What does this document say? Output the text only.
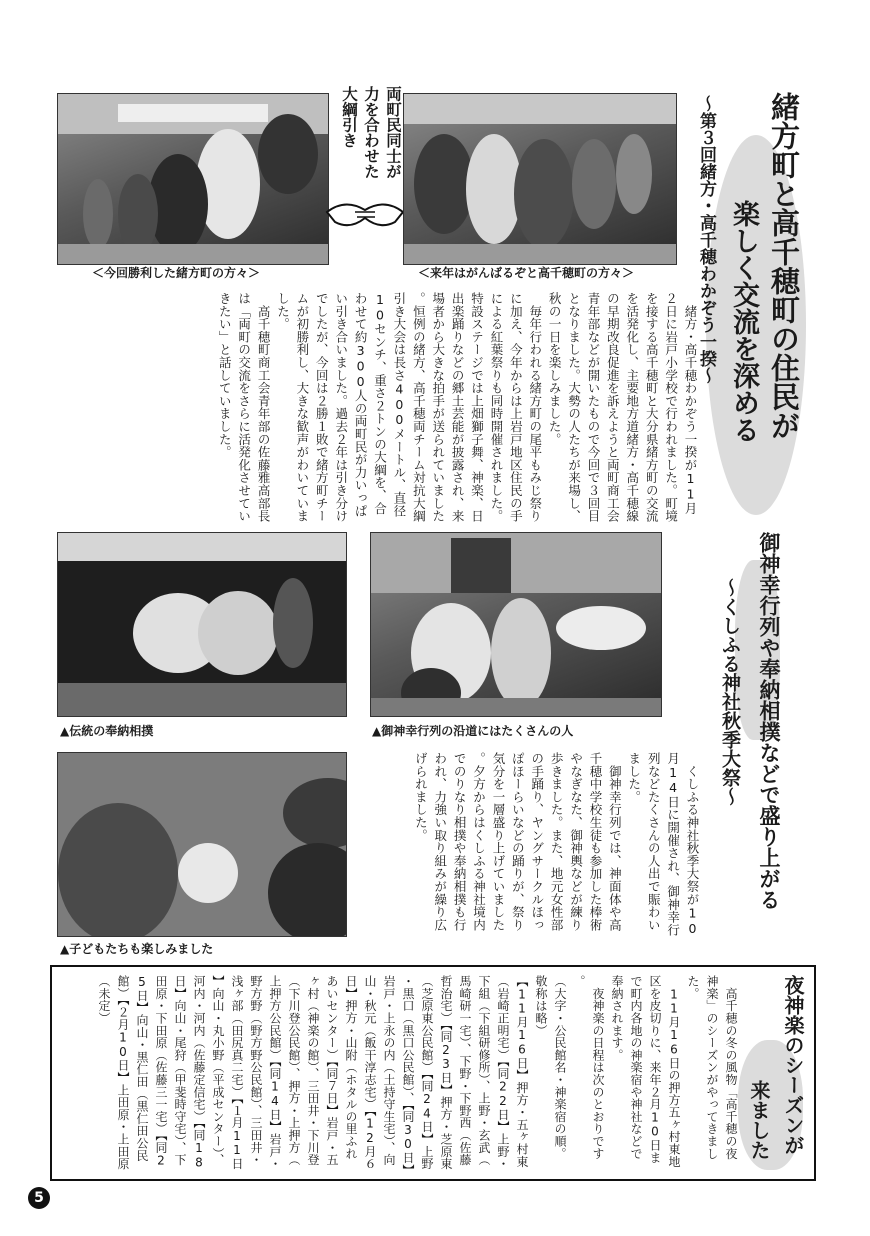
両町民同士が
力を合わせた
大綱引き
＜今回勝利した緒方町の方々＞	＜来年はがんばるぞと高千穂町の方々＞
　緒方・高千穂わかぞう一揆が11月２日に岩戸小学校で行われました。町境を接する高千穂町と大分県緒方町の交流を活発化し、主要地方道緒方・高千穂線の早期改良促進を訴えようと両町商工会青年部などが開いたもので今回で３回目となりました。大勢の人たちが来場し、秋の一日を楽しみました。
　毎年行われる緒方町の尾平もみじ祭りに加え、今年からは上岩戸地区住民の手による紅葉祭りも同時開催されました。特設ステージでは上畑獅子舞、神楽、日出楽踊りなどの郷土芸能が披露され、来場者から大きな拍手が送られていました。恒例の緒方、高千穂両チーム対抗大綱引き大会は長さ400メートル、直径10センチ、重さ２トンの大綱を、合わせて約300人の両町民が力いっぱい引き合いました。過去２年は引き分けでしたが、今回は２勝１敗で緒方町チームが初勝利し、大きな歓声がわいていました。
　高千穂町商工会青年部の佐藤雅高部長は「両町の交流をさらに活発化させていきたい」と話していました。	緒方町と高千穂町の住民が
楽しく交流を深める
～第３回緒方・高千穂わかぞう一揆～
▲伝統の奉納相撲	▲御神幸行列の沿道にはたくさんの人
▲子どもたちも楽しみました
　くしふる神社秋季大祭が10月14日に開催され、御神幸行列などたくさんの人出で賑わいました。
　御神幸行列では、神面体や高千穂中学校生徒も参加した棒術やなぎなた、御神輿などが練り歩きました。また、地元女性部の手踊り、ヤングサークルほっぽほーらいなどの踊りが、祭り気分を一層盛り上げていました。夕方からはくしふる神社境内でのりなり相撲や奉納相撲も行われ、力強い取り組みが繰り広げられました。	御神幸行列や奉納相撲などで盛り上がる
～くしふる神社秋季大祭～
　高千穂の冬の風物「高千穂の夜神楽」のシーズンがやってきました。
　11月16日の押方五ヶ村東地区を皮切りに、来年２月10日まで町内各地の神楽宿や神社などで奉納されます。
　夜神楽の日程は次のとおりです。
（大字・公民館名・神楽宿の順。敬称は略）
【11月16日】押方・五ヶ村東（岩崎正明宅）【同22日】上野・下組（下組研修所）、上野・玄武（馬崎研一宅）、下野・下野西（佐藤哲治宅）【同23日】押方・芝原東（芝原東公民館）【同24日】上野・黒口（黒口公民館）、【同30日】岩戸・上永の内（土持守生宅）、向山・秋元（飯干淳志宅）【12月６日】押方・山附（ホタルの里ふれあいセンター）【同７日】岩戸・五ヶ村（神楽の館）、三田井・下川登（下川登公民館）、押方・上押方（上押方公民館）【同14日】岩戸・野方野（野方野公民館）、三田井・浅ヶ部（田尻真二宅）【１月11日】向山・丸小野（平成センター）、河内・河内（佐藤定信宅）【同18日】向山・尾狩（甲斐時守宅）、下田原・下田原（佐藤三一宅）【同25日】向山・黒仁田（黒仁田公民館）【２月10日】上田原・上田原（未定）	夜神楽のシーズンが
来ました
5
